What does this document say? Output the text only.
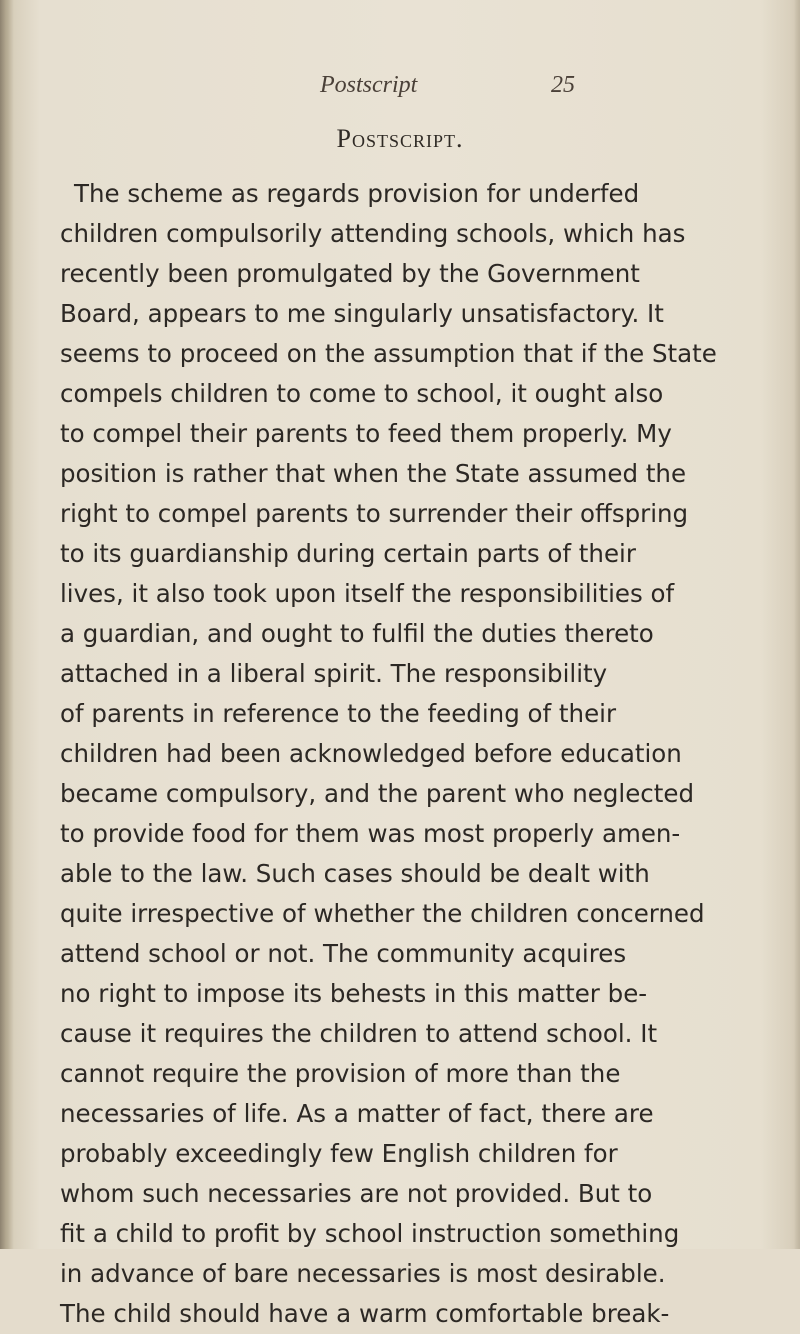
Postscript	25
Postscript.
The scheme as regards provision for underfed
children compulsorily attending schools, which has
recently been promulgated by the Government
Board, appears to me singularly unsatisfactory. It
seems to proceed on the assumption that if the State
compels children to come to school, it ought also
to compel their parents to feed them properly. My
position is rather that when the State assumed the
right to compel parents to surrender their offspring
to its guardianship during certain parts of their
lives, it also took upon itself the responsibilities of
a guardian, and ought to fulfil the duties thereto
attached in a liberal spirit. The responsibility
of parents in reference to the feeding of their
children had been acknowledged before education
became compulsory, and the parent who neglected
to provide food for them was most properly amen-
able to the law. Such cases should be dealt with
quite irrespective of whether the children concerned
attend school or not. The community acquires
no right to impose its behests in this matter be-
cause it requires the children to attend school. It
cannot require the provision of more than the
necessaries of life. As a matter of fact, there are
probably exceedingly few English children for
whom such necessaries are not provided. But to
fit a child to profit by school instruction something
in advance of bare necessaries is most desirable.
The child should have a warm comfortable break-
